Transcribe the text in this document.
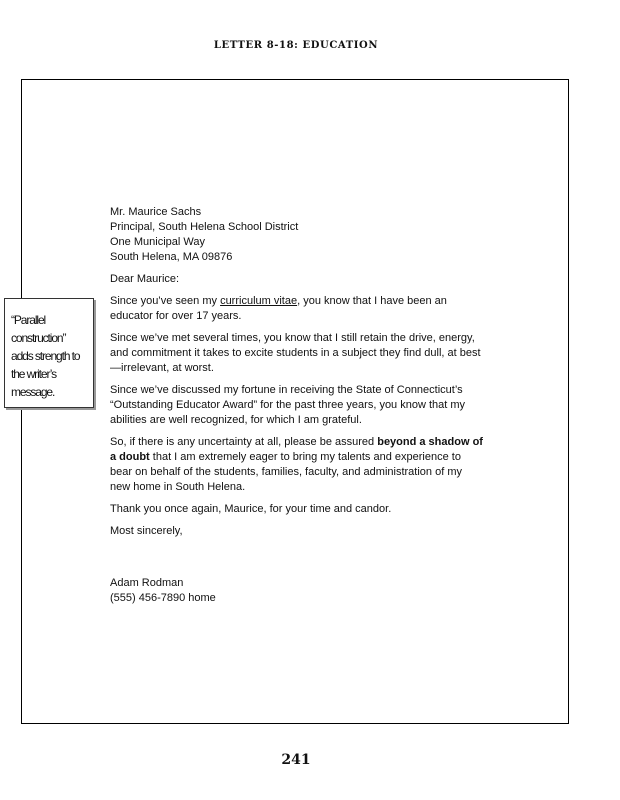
LETTER 8-18: EDUCATION
“Parallel construction” adds strength to the writer’s message.

Mr. Maurice Sachs
Principal, South Helena School District
One Municipal Way
South Helena, MA 09876

Dear Maurice:

Since you’ve seen my curriculum vitae, you know that I have been an educator for over 17 years.

Since we’ve met several times, you know that I still retain the drive, energy, and commitment it takes to excite students in a subject they find dull, at best—irrelevant, at worst.

Since we’ve discussed my fortune in receiving the State of Connecticut’s “Outstanding Educator Award” for the past three years, you know that my abilities are well recognized, for which I am grateful.

So, if there is any uncertainty at all, please be assured beyond a shadow of a doubt that I am extremely eager to bring my talents and experience to bear on behalf of the students, families, faculty, and administration of my new home in South Helena.

Thank you once again, Maurice, for your time and candor.

Most sincerely,

Adam Rodman
(555) 456-7890 home

241
